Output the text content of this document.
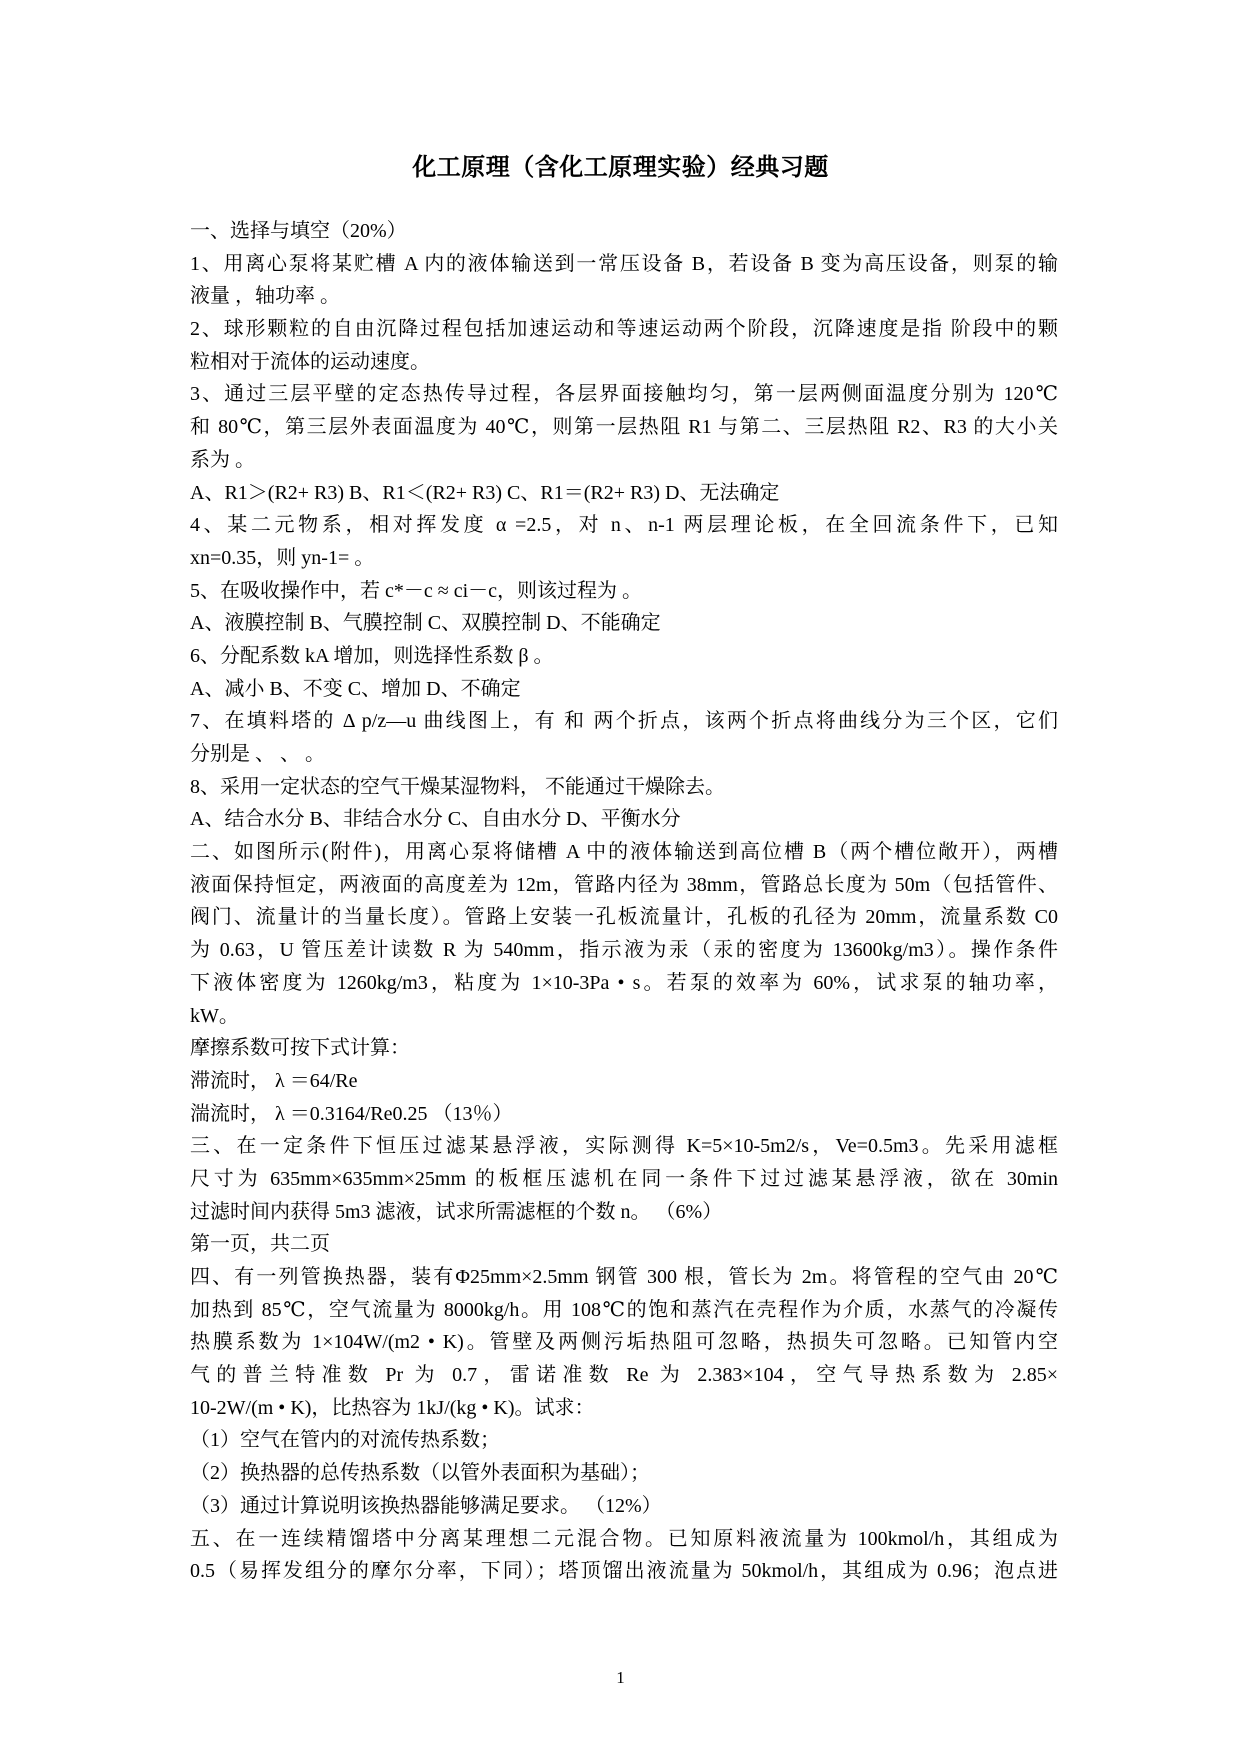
化工原理（含化工原理实验）经典习题
一、选择与填空（20%）
1、用离心泵将某贮槽 A 内的液体输送到一常压设备 B，若设备 B 变为高压设备，则泵的输
液量 ，轴功率 。
2、球形颗粒的自由沉降过程包括加速运动和等速运动两个阶段，沉降速度是指 阶段中的颗
粒相对于流体的运动速度。
3、通过三层平壁的定态热传导过程，各层界面接触均匀，第一层两侧面温度分别为 120℃
和 80℃，第三层外表面温度为 40℃，则第一层热阻 R1 与第二、三层热阻 R2、R3 的大小关
系为 。
A、R1＞(R2+ R3) B、R1＜(R2+ R3) C、R1＝(R2+ R3) D、无法确定
4、某二元物系，相对挥发度 α =2.5，对 n、n-1 两层理论板，在全回流条件下，已知
xn=0.35，则 yn-1= 。
5、在吸收操作中，若 c*－c ≈ ci－c，则该过程为 。
A、液膜控制 B、气膜控制 C、双膜控制 D、不能确定
6、分配系数 kA 增加，则选择性系数 β 。
A、减小 B、不变 C、增加 D、不确定
7、在填料塔的 Δ p/z—u 曲线图上，有 和 两个折点，该两个折点将曲线分为三个区，它们
分别是 、 、 。
8、采用一定状态的空气干燥某湿物料， 不能通过干燥除去。
A、结合水分 B、非结合水分 C、自由水分 D、平衡水分
二、如图所示(附件)，用离心泵将储槽 A 中的液体输送到高位槽 B（两个槽位敞开），两槽
液面保持恒定，两液面的高度差为 12m，管路内径为 38mm，管路总长度为 50m（包括管件、
阀门、流量计的当量长度）。管路上安装一孔板流量计，孔板的孔径为 20mm，流量系数 C0
为 0.63，U 管压差计读数 R 为 540mm，指示液为汞（汞的密度为 13600kg/m3）。操作条件
下液体密度为 1260kg/m3，粘度为 1×10-3Pa • s。若泵的效率为 60%，试求泵的轴功率，
kW。
摩擦系数可按下式计算：
滞流时， λ ＝64/Re
湍流时， λ ＝0.3164/Re0.25 （13％）
三、在一定条件下恒压过滤某悬浮液，实际测得 K=5×10-5m2/s，Ve=0.5m3。先采用滤框
尺寸为 635mm×635mm×25mm 的板框压滤机在同一条件下过过滤某悬浮液，欲在 30min
过滤时间内获得 5m3 滤液，试求所需滤框的个数 n。 （6%）
第一页，共二页
四、有一列管换热器，装有Φ25mm×2.5mm 钢管 300 根，管长为 2m。将管程的空气由 20℃
加热到 85℃，空气流量为 8000kg/h。用 108℃的饱和蒸汽在壳程作为介质，水蒸气的冷凝传
热膜系数为 1×104W/(m2 • K)。管壁及两侧污垢热阻可忽略，热损失可忽略。已知管内空
气的普兰特准数 Pr 为 0.7，雷诺准数 Re 为 2.383×104，空气导热系数为 2.85×
10-2W/(m • K)，比热容为 1kJ/(kg • K)。试求：
（1）空气在管内的对流传热系数；
（2）换热器的总传热系数（以管外表面积为基础）；
（3）通过计算说明该换热器能够满足要求。 （12%）
五、在一连续精馏塔中分离某理想二元混合物。已知原料液流量为 100kmol/h，其组成为
0.5（易挥发组分的摩尔分率，下同）；塔顶馏出液流量为 50kmol/h，其组成为 0.96；泡点进
1
